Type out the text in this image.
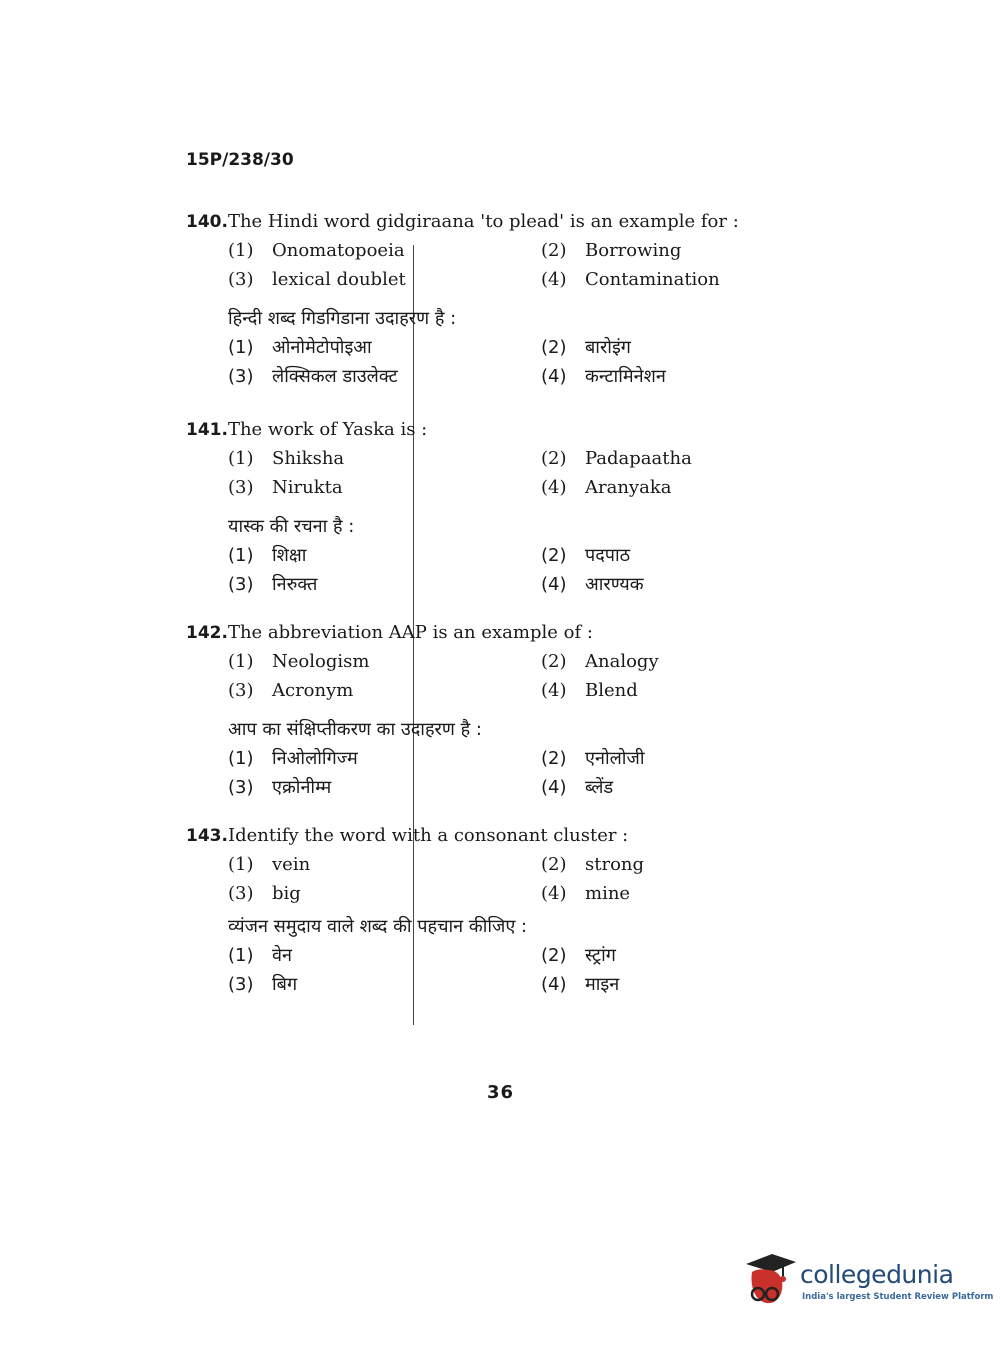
15P/238/30
140.The Hindi word gidgiraana 'to plead' is an example for :
(1) Onomatopoeia	(2) Borrowing
(3) lexical doublet	(4) Contamination
हिन्दी शब्द गिडगिडाना उदाहरण है :
(1) ओनोमेटोपोइआ	(2) बारोइंग
(3) लेक्सिकल डाउलेक्ट	(4) कन्टामिनेशन
141.The work of Yaska is :
(1) Shiksha	(2) Padapaatha
(3) Nirukta	(4) Aranyaka
यास्क की रचना है :
(1) शिक्षा	(2) पदपाठ
(3) निरुक्त	(4) आरण्यक
142.The abbreviation AAP is an example of :
(1) Neologism	(2) Analogy
(3) Acronym	(4) Blend
आप का संक्षिप्तीकरण का उदाहरण है :
(1) निओलोगिज्म	(2) एनोलोजी
(3) एक्रोनीम्म	(4) ब्लेंड
143.Identify the word with a consonant cluster :
(1) vein	(2) strong
(3) big	(4) mine
व्यंजन समुदाय वाले शब्द की पहचान कीजिए :
(1) वेन	(2) स्ट्रांग
(3) बिग	(4) माइन
36
collegedunia
India's largest Student Review Platform
